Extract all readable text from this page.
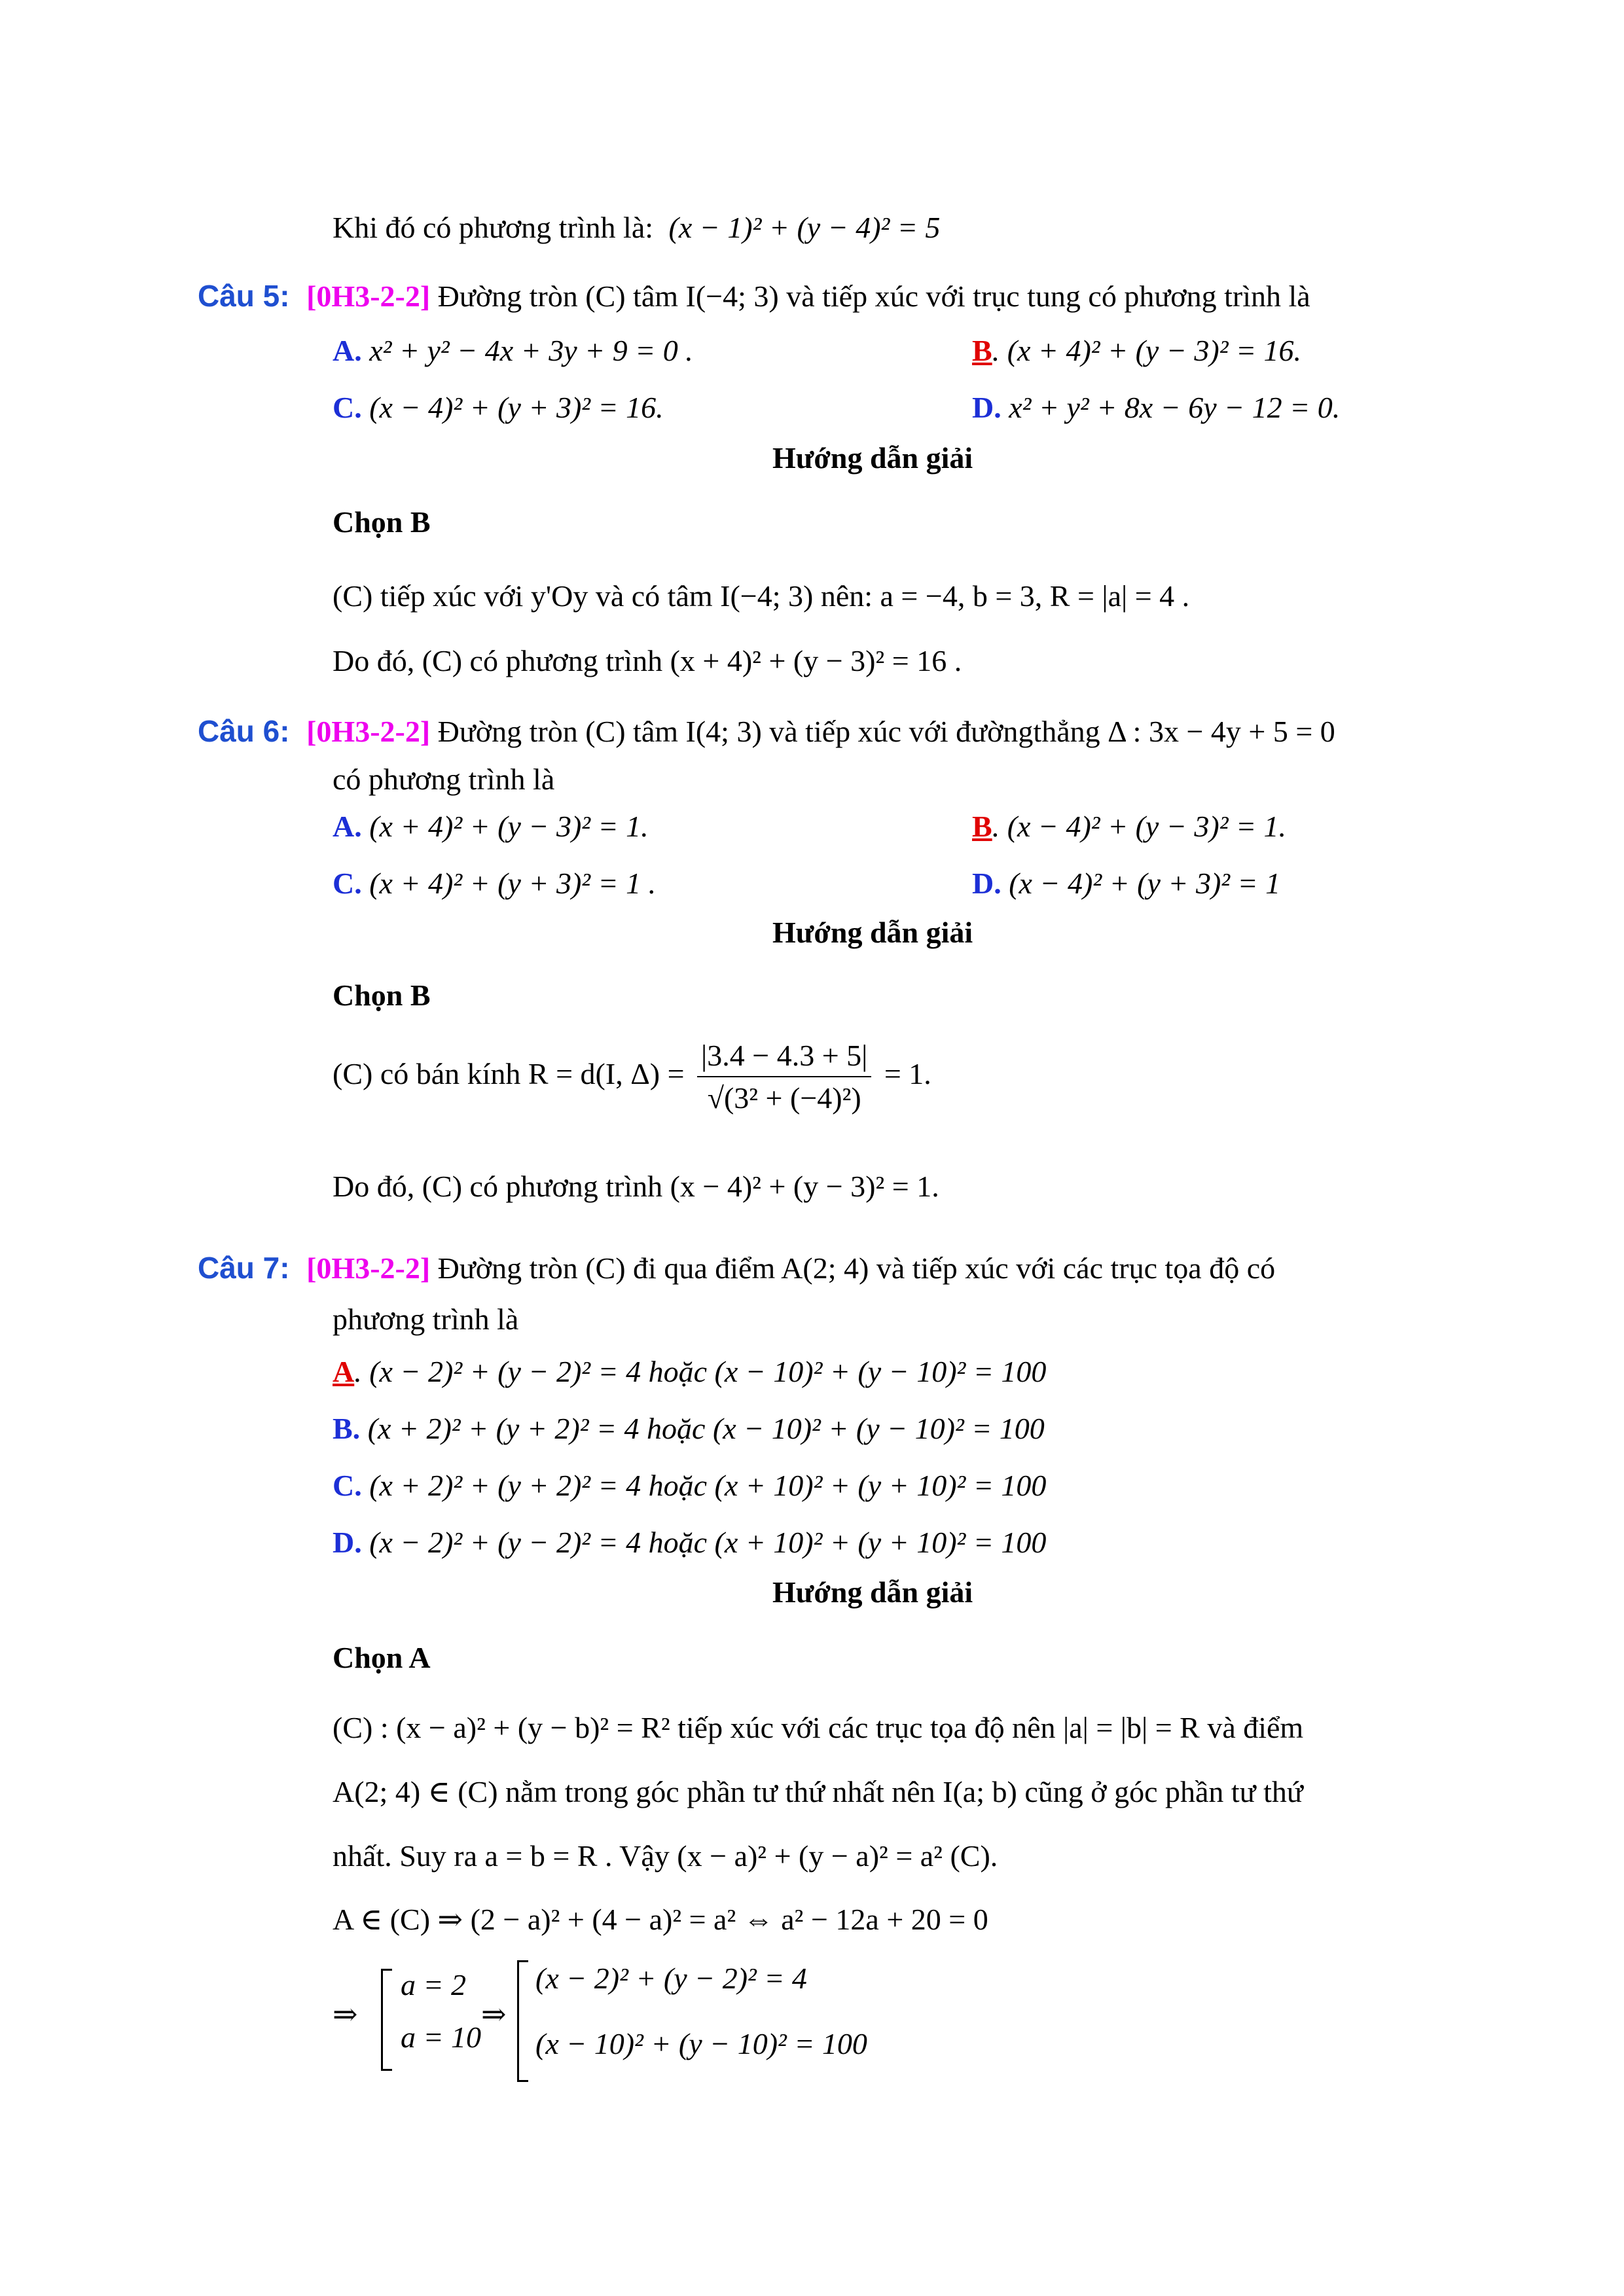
Khi đó có phương trình là: (x − 1)² + (y − 4)² = 5
Câu 5: [0H3-2-2] Đường tròn (C) tâm I(−4; 3) và tiếp xúc với trục tung có phương trình là
A. x² + y² − 4x + 3y + 9 = 0 .	B. (x + 4)² + (y − 3)² = 16.
C. (x − 4)² + (y + 3)² = 16.	D. x² + y² + 8x − 6y − 12 = 0.
Hướng dẫn giải
Chọn B
(C) tiếp xúc với y'Oy và có tâm I(−4; 3) nên: a = −4, b = 3, R = |a| = 4 .
Do đó, (C) có phương trình (x + 4)² + (y − 3)² = 16 .
Câu 6: [0H3-2-2] Đường tròn (C) tâm I(4; 3) và tiếp xúc với đườngthẳng Δ : 3x − 4y + 5 = 0
có phương trình là
A. (x + 4)² + (y − 3)² = 1.	B. (x − 4)² + (y − 3)² = 1.
C. (x + 4)² + (y + 3)² = 1 .	D. (x − 4)² + (y + 3)² = 1
Hướng dẫn giải
Chọn B
(C) có bán kính R = d(I, $\Delta) = \frac{|3.4 - 4.3 + 5|}{\text{√(3² + (−4)²)}} = 1$.
Do đó, (C) có phương trình (x − 4)² + (y − 3)² = 1.
Câu 7: [0H3-2-2] Đường tròn (C) đi qua điểm A(2; 4) và tiếp xúc với các trục tọa độ có
phương trình là
A. (x − 2)² + (y − 2)² = 4 hoặc (x − 10)² + (y − 10)² = 100
B. (x + 2)² + (y + 2)² = 4 hoặc (x − 10)² + (y − 10)² = 100
C. (x + 2)² + (y + 2)² = 4 hoặc (x + 10)² + (y + 10)² = 100
D. (x − 2)² + (y − 2)² = 4 hoặc (x + 10)² + (y + 10)² = 100
Hướng dẫn giải
Chọn A
(C) : (x − a)² + (y − b)² = R² tiếp xúc với các trục tọa độ nên |a| = |b| = R và điểm
A(2; 4) ∈ (C) nằm trong góc phần tư thứ nhất nên I(a; b) cũng ở góc phần tư thứ
nhất. Suy ra a = b = R . Vậy (x − a)² + (y − a)² = a² (C).
A ∈ (C) ⇒ (2 − a)² + (4 − a)² = a² ⇔ a² − 12a + 20 = 0
⇒
a = 2
a = 10
⇒
(x − 2)² + (y − 2)² = 4
(x − 10)² + (y − 10)² = 100
